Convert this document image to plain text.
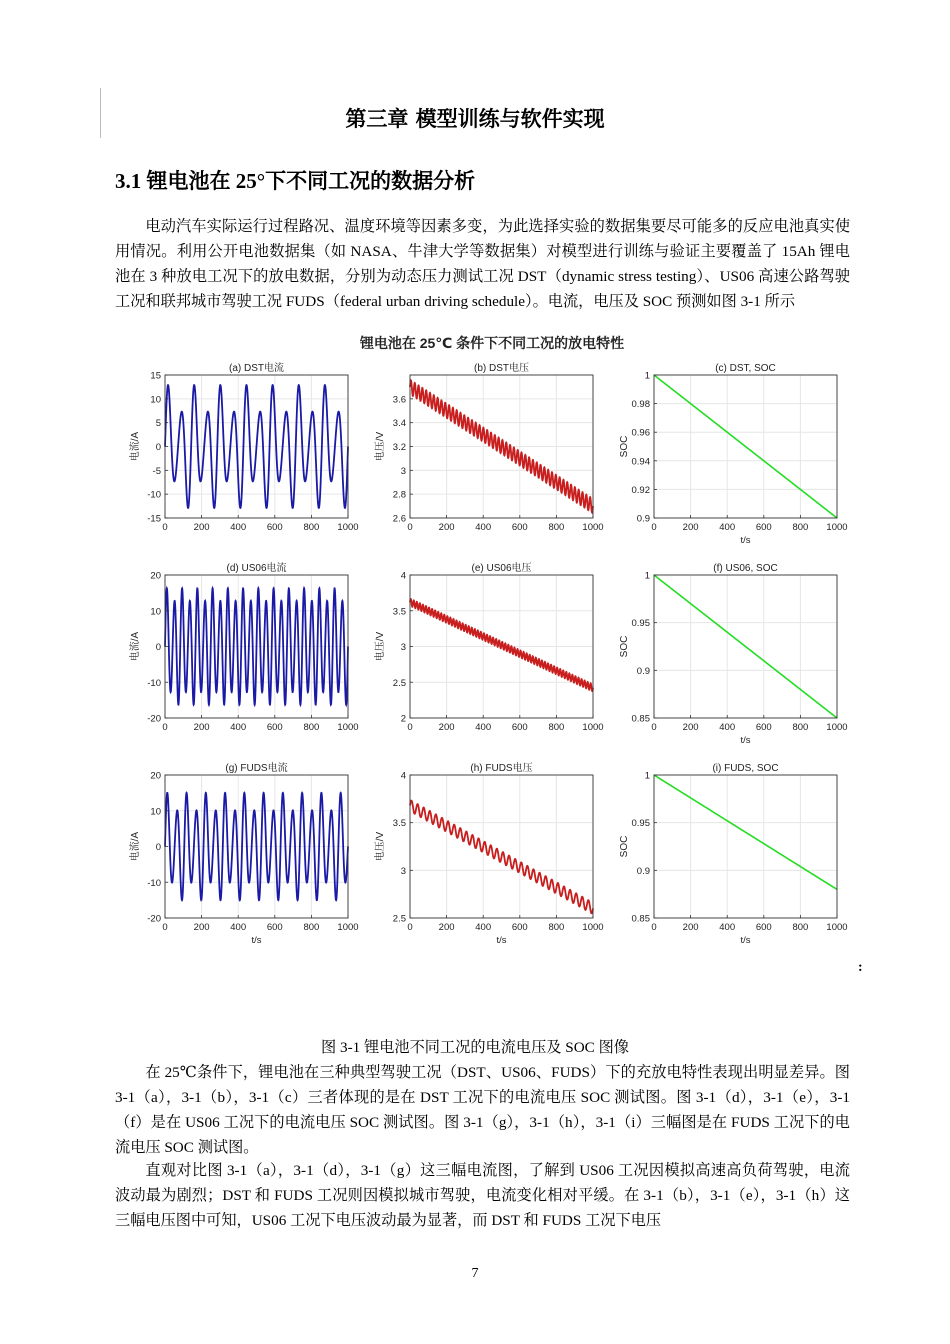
第三章 模型训练与软件实现
3.1 锂电池在 25°下不同工况的数据分析
电动汽车实际运行过程路况、温度环境等因素多变，为此选择实验的数据集要尽可能多的反应电池真实使用情况。利用公开电池数据集（如 NASA、牛津大学等数据集）对模型进行训练与验证主要覆盖了 15Ah 锂电池在 3 种放电工况下的放电数据，分别为动态压力测试工况 DST（dynamic stress testing）、US06 高速公路驾驶工况和联邦城市驾驶工况 FUDS（federal urban driving schedule）。电流，电压及 SOC 预测如图 3-1 所示
锂电池在 25℃ 条件下不同工况的放电特性
0	200 400 600 800 1000
-15
-10
-5
0
5
10
15
(a) DST电流
电流/A
0	200 400 600 800 1000
2.6
2.8
3
3.2
3.4
3.6
(b) DST电压
电压/V
0	200 400 600 800 1000
0.9
0.92
0.94
0.96
0.98
1
(c) DST, SOC
t/s
SOC
0	200 400 600 800 1000
-20
-10
0
10
20
(d) US06电流
电流/A
0	200 400 600 800 1000
2
2.5
3
3.5
4
(e) US06电压
电压/V
0	200 400 600 800 1000
0.85
0.9
0.95
1
(f) US06, SOC
t/s
SOC
0	200 400 600 800 1000
-20
-10
0
10
20
(g) FUDS电流
t/s
电流/A
0	200 400 600 800 1000
2.5
3
3.5
4
(h) FUDS电压
t/s
电压/V
0	200 400 600 800 1000
0.85
0.9
0.95
1
(i) FUDS, SOC
t/s
SOC
:
图 3-1 锂电池不同工况的电流电压及 SOC 图像
在 25℃条件下，锂电池在三种典型驾驶工况（DST、US06、FUDS）下的充放电特性表现出明显差异。图 3-1（a），3-1（b），3-1（c）三者体现的是在 DST 工况下的电流电压 SOC 测试图。图 3-1（d），3-1（e），3-1（f）是在 US06 工况下的电流电压 SOC 测试图。图 3-1（g），3-1（h），3-1（i）三幅图是在 FUDS 工况下的电流电压 SOC 测试图。
直观对比图 3-1（a），3-1（d），3-1（g）这三幅电流图，了解到 US06 工况因模拟高速高负荷驾驶，电流波动最为剧烈；DST 和 FUDS 工况则因模拟城市驾驶，电流变化相对平缓。在 3-1（b），3-1（e），3-1（h）这三幅电压图中可知，US06 工况下电压波动最为显著，而 DST 和 FUDS 工况下电压
7
